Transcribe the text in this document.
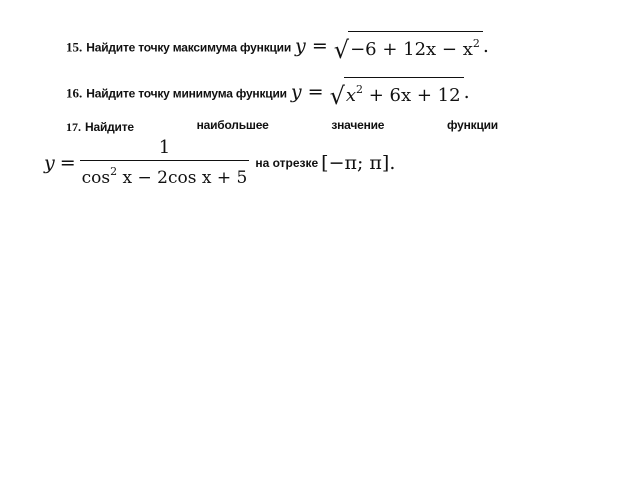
15. Найдите точку максимума функции y = √ $-6 + 12x - x^2$ .
16. Найдите точку минимума функции y = √ $x^2 + 6x + 12$ .
17. Найдите	наибольшее	значение	функции
$y = \frac{1}{\cos^2 x - 2\cos x + 5}$ на отрезке [−π; π] .
